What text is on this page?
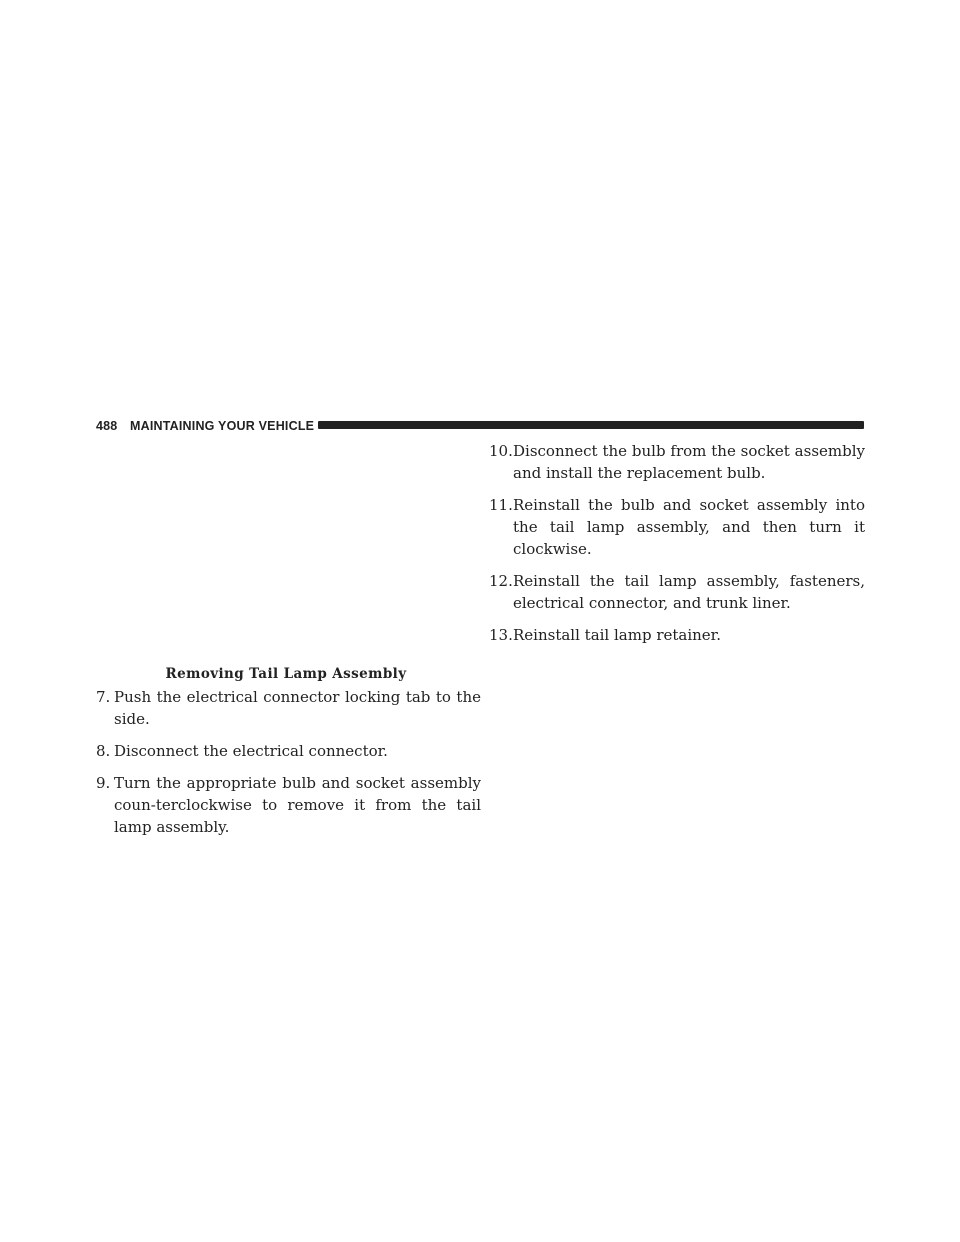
488 MAINTAINING YOUR VEHICLE
Removing Tail Lamp Assembly
7. Push the electrical connector locking tab to the side.
8. Disconnect the electrical connector.
9. Turn the appropriate bulb and socket assembly coun-terclockwise to remove it from the tail lamp assembly.
10. Disconnect the bulb from the socket assembly and install the replacement bulb.
11. Reinstall the bulb and socket assembly into the tail lamp assembly, and then turn it clockwise.
12. Reinstall the tail lamp assembly, fasteners, electrical connector, and trunk liner.
13. Reinstall tail lamp retainer.
